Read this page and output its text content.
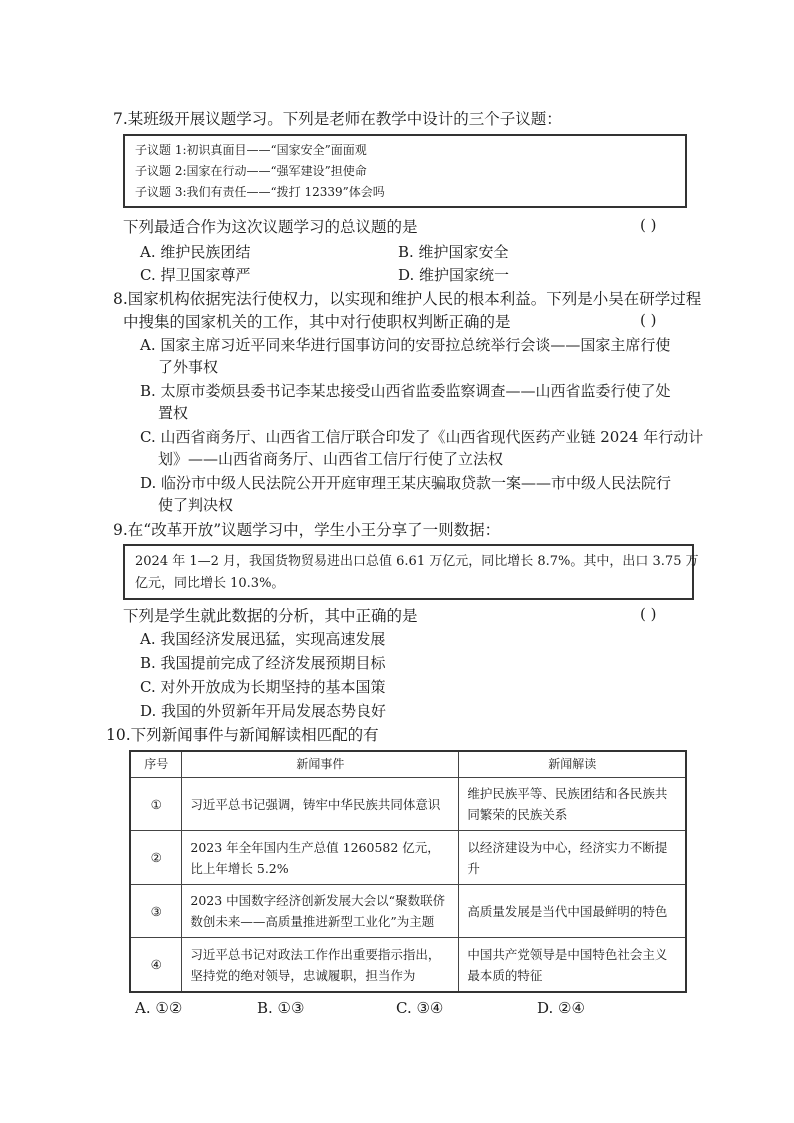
7.某班级开展议题学习。下列是老师在教学中设计的三个子议题：
子议题 1:初识真面目——“国家安全”面面观
子议题 2:国家在行动——“强军建设”担使命
子议题 3:我们有责任——“拨打 12339”体会吗
下列最适合作为这次议题学习的总议题的是	( )
A. 维护民族团结	B. 维护国家安全
C. 捍卫国家尊严	D. 维护国家统一
8.国家机构依据宪法行使权力，以实现和维护人民的根本利益。下列是小吴在研学过程
中搜集的国家机关的工作，其中对行使职权判断正确的是	( )
A. 国家主席习近平同来华进行国事访问的安哥拉总统举行会谈——国家主席行使
了外事权
B. 太原市娄烦县委书记李某忠接受山西省监委监察调查——山西省监委行使了处
置权
C. 山西省商务厅、山西省工信厅联合印发了《山西省现代医药产业链 2024 年行动计
划》——山西省商务厅、山西省工信厅行使了立法权
D. 临汾市中级人民法院公开开庭审理王某庆骗取贷款一案——市中级人民法院行
使了判决权
9.在“改革开放”议题学习中，学生小王分享了一则数据：
2024 年 1—2 月，我国货物贸易进出口总值 6.61 万亿元，同比增长 8.7%。其中，出口 3.75 万
亿元，同比增长 10.3%。
下列是学生就此数据的分析，其中正确的是	( )
A. 我国经济发展迅猛，实现高速发展
B. 我国提前完成了经济发展预期目标
C. 对外开放成为长期坚持的基本国策
D. 我国的外贸新年开局发展态势良好
10.下列新闻事件与新闻解读相匹配的有
序号	新闻事件	新闻解读
①	习近平总书记强调，铸牢中华民族共同体意识	维护民族平等、民族团结和各民族共同繁荣的民族关系
②	2023 年全年国内生产总值 1260582 亿元，比上年增长 5.2%	以经济建设为中心，经济实力不断提升
③	2023 中国数字经济创新发展大会以“聚数联侪 数创未来——高质量推进新型工业化”为主题	高质量发展是当代中国最鲜明的特色
④	习近平总书记对政法工作作出重要指示指出，坚持党的绝对领导，忠诚履职，担当作为	中国共产党领导是中国特色社会主义最本质的特征
A. ①②	B. ①③	C. ③④	D. ②④
